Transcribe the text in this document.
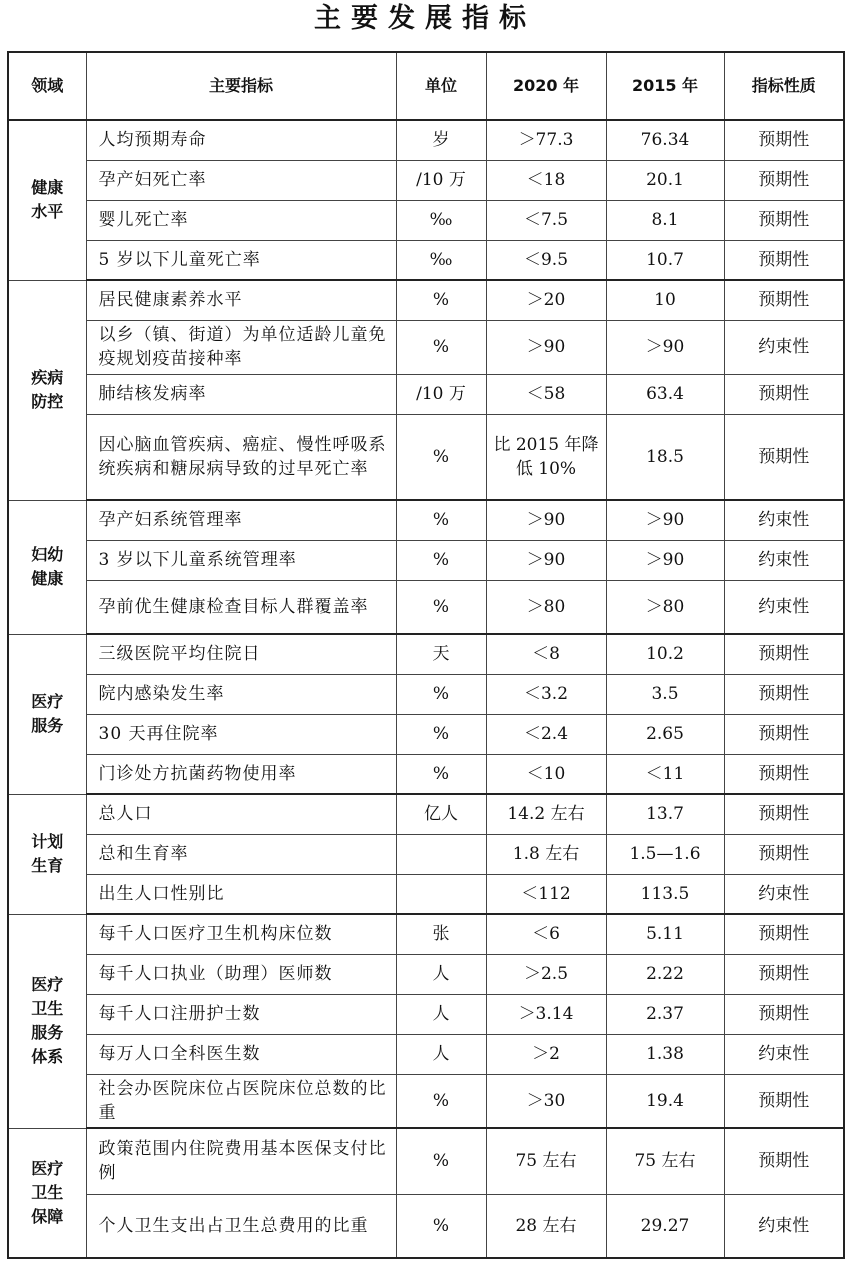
主要发展指标
领域	主要指标	单位	2020 年	2015 年	指标性质
健康
水平	人均预期寿命	岁	＞77.3	76.34	预期性
	孕产妇死亡率	/10 万	＜18	20.1	预期性
	婴儿死亡率	‰	＜7.5	8.1	预期性
	5 岁以下儿童死亡率	‰	＜9.5	10.7	预期性
疾病
防控	居民健康素养水平	%	＞20	10	预期性
	以乡（镇、街道）为单位适龄儿童免疫规划疫苗接种率	%	＞90	＞90	约束性
	肺结核发病率	/10 万	＜58	63.4	预期性
	因心脑血管疾病、癌症、慢性呼吸系统疾病和糖尿病导致的过早死亡率	%	比 2015 年降低 10%	18.5	预期性
妇幼
健康	孕产妇系统管理率	%	＞90	＞90	约束性
	3 岁以下儿童系统管理率	%	＞90	＞90	约束性
	孕前优生健康检查目标人群覆盖率	%	＞80	＞80	约束性
医疗
服务	三级医院平均住院日	天	＜8	10.2	预期性
	院内感染发生率	%	＜3.2	3.5	预期性
	30 天再住院率	%	＜2.4	2.65	预期性
	门诊处方抗菌药物使用率	%	＜10	＜11	预期性
计划
生育	总人口	亿人	14.2 左右	13.7	预期性
	总和生育率		1.8 左右	1.5—1.6	预期性
	出生人口性别比		＜112	113.5	约束性
医疗
卫生
服务
体系	每千人口医疗卫生机构床位数	张	＜6	5.11	预期性
	每千人口执业（助理）医师数	人	＞2.5	2.22	预期性
	每千人口注册护士数	人	＞3.14	2.37	预期性
	每万人口全科医生数	人	＞2	1.38	约束性
	社会办医院床位占医院床位总数的比重	%	＞30	19.4	预期性
医疗
卫生
保障	政策范围内住院费用基本医保支付比例	%	75 左右	75 左右	预期性
	个人卫生支出占卫生总费用的比重	%	28 左右	29.27	约束性
